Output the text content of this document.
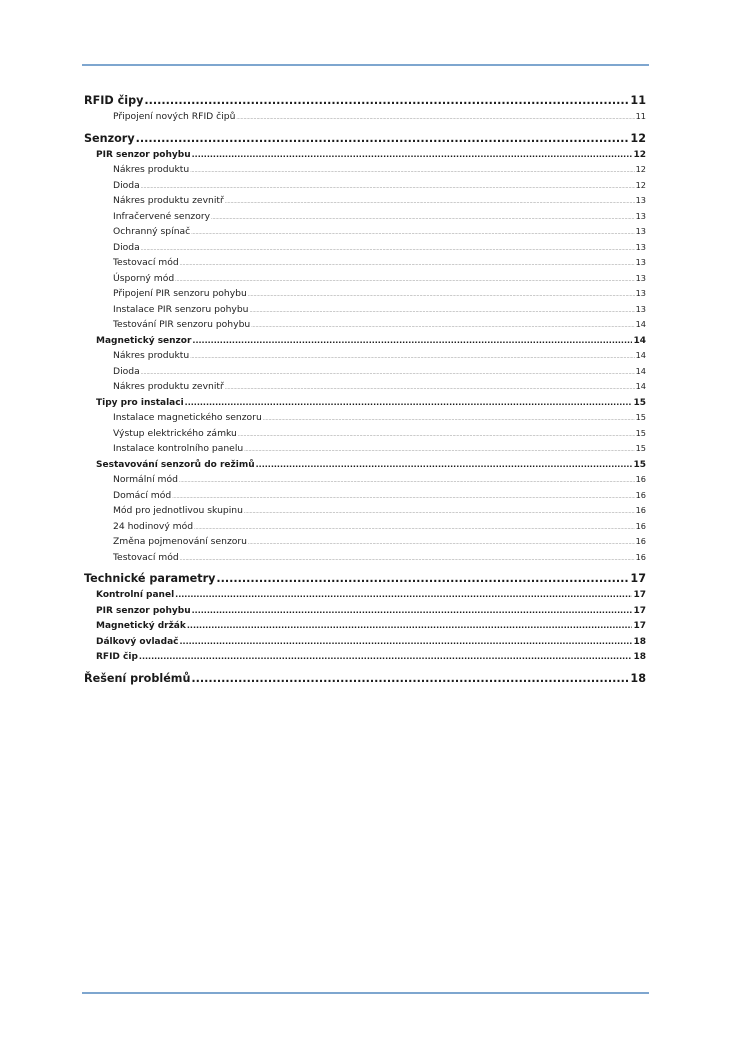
RFID čipy .....	11
Připojení nových RFID čipů .....	11
Senzory .....	12
PIR senzor pohybu .....	12
Nákres produktu .....	12
Dioda .....	12
Nákres produktu zevnitř .....	13
Infračervené senzory .....	13
Ochranný spínač .....	13
Dioda .....	13
Testovací mód .....	13
Úsporný mód .....	13
Připojení PIR senzoru pohybu .....	13
Instalace PIR senzoru pohybu .....	13
Testování PIR senzoru pohybu .....	14
Magnetický senzor .....	14
Nákres produktu .....	14
Dioda .....	14
Nákres produktu zevnitř .....	14
Tipy pro instalaci .....	15
Instalace magnetického senzoru .....	15
Výstup elektrického zámku .....	15
Instalace kontrolního panelu .....	15
Sestavování senzorů do režimů .....	15
Normální mód .....	16
Domácí mód .....	16
Mód pro jednotlivou skupinu .....	16
24 hodinový mód .....	16
Změna pojmenování senzoru .....	16
Testovací mód .....	16
Technické parametry .....	17
Kontrolní panel .....	17
PIR senzor pohybu .....	17
Magnetický držák .....	17
Dálkový ovladač .....	18
RFID čip .....	18
Řešení problémů .....	18
